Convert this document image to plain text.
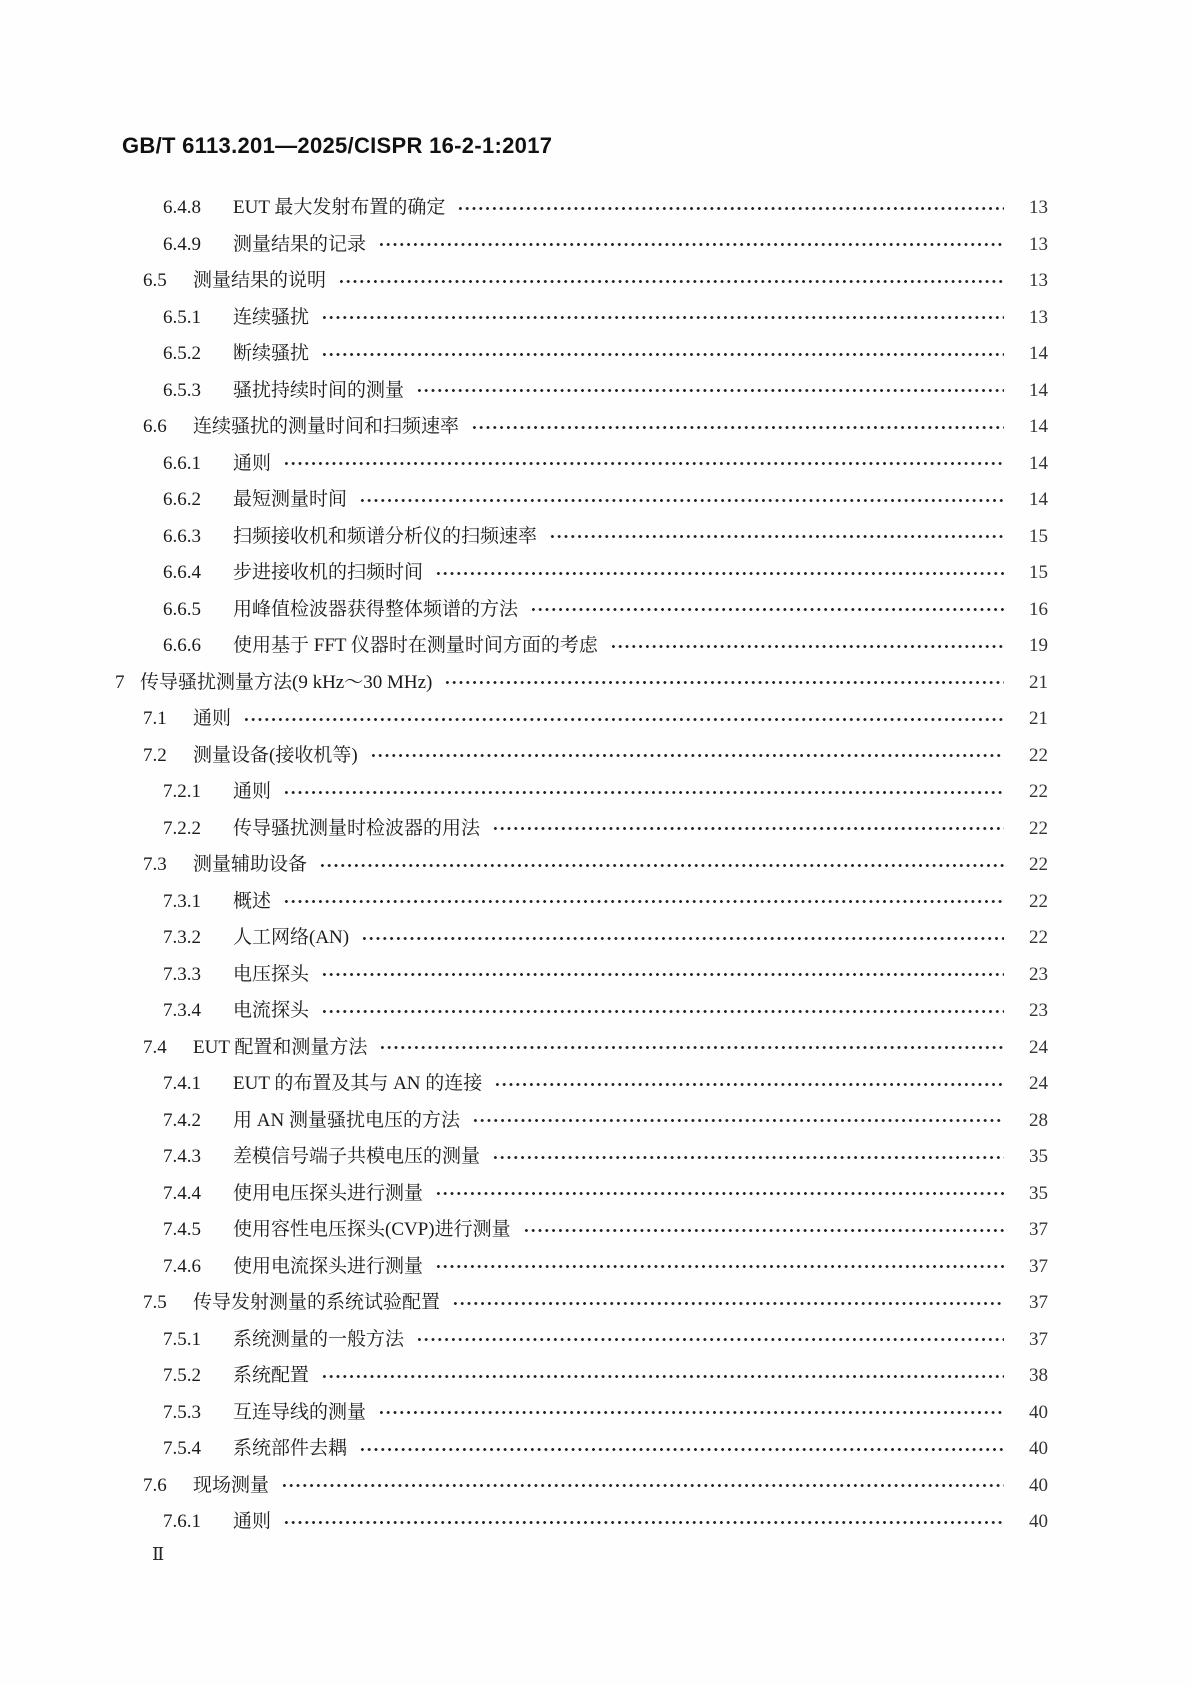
GB/T 6113.201—2025/CISPR 16-2-1:2017
6.4.8	EUT 最大发射布置的确定	13
6.4.9	测量结果的记录	13
6.5	测量结果的说明	13
6.5.1	连续骚扰	13
6.5.2	断续骚扰	14
6.5.3	骚扰持续时间的测量	14
6.6	连续骚扰的测量时间和扫频速率	14
6.6.1	通则	14
6.6.2	最短测量时间	14
6.6.3	扫频接收机和频谱分析仪的扫频速率	15
6.6.4	步进接收机的扫频时间	15
6.6.5	用峰值检波器获得整体频谱的方法	16
6.6.6	使用基于 FFT 仪器时在测量时间方面的考虑	19
7 传导骚扰测量方法(9 kHz～30 MHz)	21
7.1	通则	21
7.2	测量设备(接收机等)	22
7.2.1	通则	22
7.2.2	传导骚扰测量时检波器的用法	22
7.3	测量辅助设备	22
7.3.1	概述	22
7.3.2	人工网络(AN)	22
7.3.3	电压探头	23
7.3.4	电流探头	23
7.4	EUT 配置和测量方法	24
7.4.1	EUT 的布置及其与 AN 的连接	24
7.4.2	用 AN 测量骚扰电压的方法	28
7.4.3	差模信号端子共模电压的测量	35
7.4.4	使用电压探头进行测量	35
7.4.5	使用容性电压探头(CVP)进行测量	37
7.4.6	使用电流探头进行测量	37
7.5	传导发射测量的系统试验配置	37
7.5.1	系统测量的一般方法	37
7.5.2	系统配置	38
7.5.3	互连导线的测量	40
7.5.4	系统部件去耦	40
7.6	现场测量	40
7.6.1	通则	40
Ⅱ
